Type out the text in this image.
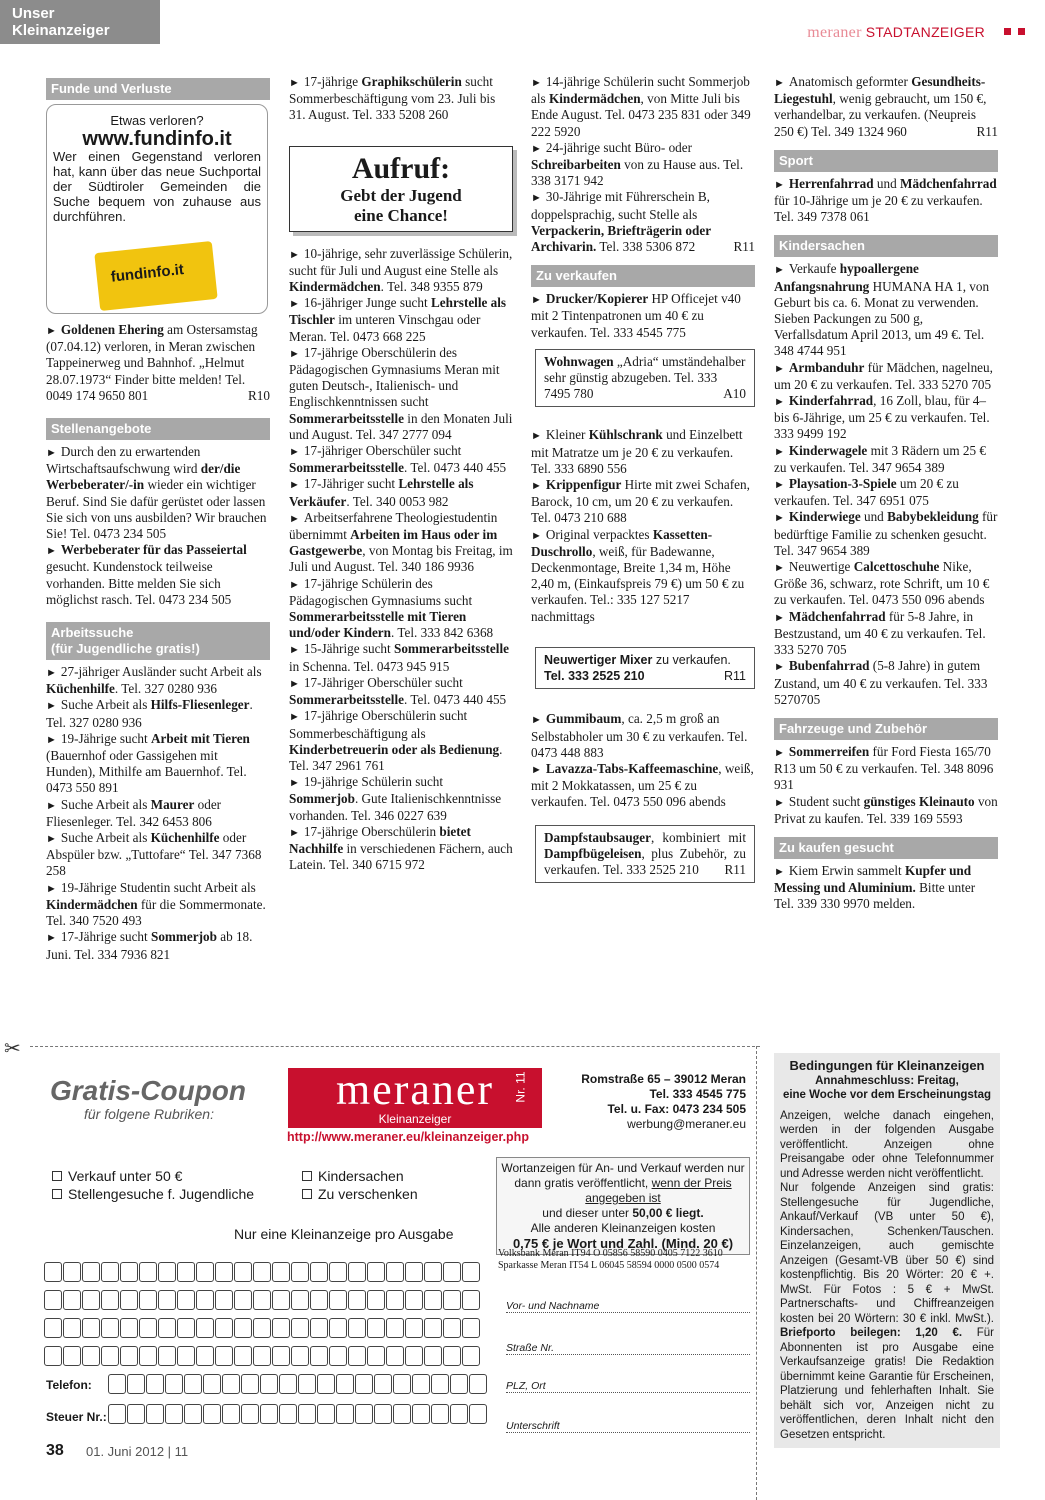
Unser
Kleinanzeiger	meraner STADTANZEIGER
Funde und Verluste
Etwas verloren?
www.fundinfo.it
Wer einen Gegenstand verloren hat, kann über das neue Suchportal der Südtiroler Gemeinden die Suche bequem von zuhause aus durchführen.
fundinfo.it

► Goldenen Ehering am Ostersamstag (07.04.12) verloren, in Meran zwischen Tappeinerweg und Bahnhof. „Helmut 28.07.1973“ Finder bitte melden! Tel. 0049 174 9650 801	R10

Stellenangebote

► Durch den zu erwartenden Wirtschaftsaufschwung wird der/die Werbeberater/-in wieder ein wichtiger Beruf. Sind Sie dafür gerüstet oder lassen Sie sich von uns ausbilden? Wir brauchen Sie! Tel. 0473 234 505

► Werbeberater für das Passeiertal gesucht. Kundenstock teilweise vorhanden. Bitte melden Sie sich möglichst rasch. Tel. 0473 234 505

Arbeitssuche
(für Jugendliche gratis!)

► 27-jähriger Ausländer sucht Arbeit als Küchenhilfe. Tel. 327 0280 936

► Suche Arbeit als Hilfs-Fliesenleger. Tel. 327 0280 936

► 19-Jährige sucht Arbeit mit Tieren (Bauernhof oder Gassigehen mit Hunden), Mithilfe am Bauernhof. Tel. 0473 550 891

► Suche Arbeit als Maurer oder Fliesenleger. Tel. 342 6453 806

► Suche Arbeit als Küchenhilfe oder Abspüler bzw. „Tuttofare“ Tel. 347 7368 258

► 19-Jährige Studentin sucht Arbeit als Kindermädchen für die Sommermonate. Tel. 340 7520 493

► 17-Jährige sucht Sommerjob ab 18. Juni. Tel. 334 7936 821

► 17-jährige Graphikschülerin sucht Sommerbeschäftigung vom 23. Juli bis 31. August. Tel. 333 5208 260

Aufruf:
Gebt der Jugend
eine Chance!

► 10-jährige, sehr zuverlässige Schülerin, sucht für Juli und August eine Stelle als Kindermädchen. Tel. 348 9355 879

► 16-jähriger Junge sucht Lehrstelle als Tischler im unteren Vinschgau oder Meran. Tel. 0473 668 225

► 17-jährige Oberschülerin des Pädagogischen Gymnasiums Meran mit guten Deutsch-, Italienisch- und Englischkenntnissen sucht Sommerarbeitsstelle in den Monaten Juli und August. Tel. 347 2777 094

► 17-jähriger Oberschüler sucht Sommerarbeitsstelle. Tel. 0473 440 455

► 17-Jähriger sucht Lehrstelle als Verkäufer. Tel. 340 0053 982

► Arbeitserfahrene Theologiestudentin übernimmt Arbeiten im Haus oder im Gastgewerbe, von Montag bis Freitag, im Juli und August. Tel. 340 186 9936

► 17-jährige Schülerin des Pädagogischen Gymnasiums sucht Sommerarbeitsstelle mit Tieren und/oder Kindern. Tel. 333 842 6368

► 15-Jährige sucht Sommerarbeitsstelle in Schenna. Tel. 0473 945 915

► 17-Jähriger Oberschüler sucht Sommerarbeitsstelle. Tel. 0473 440 455

► 17-jährige Oberschülerin sucht Sommerbeschäftigung als Kinderbetreuerin oder als Bedienung. Tel. 347 2961 761

► 19-jährige Schülerin sucht Sommerjob. Gute Italienischkenntnisse vorhanden. Tel. 346 0227 639

► 17-jährige Oberschülerin bietet Nachhilfe in verschiedenen Fächern, auch Latein. Tel. 340 6715 972

► 14-jährige Schülerin sucht Sommerjob als Kindermädchen, von Mitte Juli bis Ende August. Tel. 0473 235 831 oder 349 222 5920

► 24-jährige sucht Büro- oder Schreibarbeiten von zu Hause aus. Tel. 338 3171 942

► 30-Jährige mit Führerschein B, doppelsprachig, sucht Stelle als Verpackerin, Briefträgerin oder Archivarin. Tel. 338 5306 872	R11

Zu verkaufen

► Drucker/Kopierer HP Officejet v40 mit 2 Tintenpatronen um 40 € zu verkaufen. Tel. 333 4545 775

Wohnwagen „Adria“ umständehalber sehr günstig abzugeben. Tel. 333 7495 780	A10

► Kleiner Kühlschrank und Einzelbett mit Matratze um je 20 € zu verkaufen. Tel. 333 6890 556

► Krippenfigur Hirte mit zwei Schafen, Barock, 10 cm, um 20 € zu verkaufen. Tel. 0473 210 688

► Original verpacktes Kassetten-Duschrollo, weiß, für Badewanne, Deckenmontage, Breite 1,34 m, Höhe 2,40 m, (Einkaufspreis 79 €) um 50 € zu verkaufen. Tel.: 335 127 5217 nachmittags

Neuwertiger Mixer zu verkaufen.
Tel. 333 2525 210	R11

► Gummibaum, ca. 2,5 m groß an Selbstabholer um 30 € zu verkaufen. Tel. 0473 448 883

► Lavazza-Tabs-Kaffeemaschine, weiß, mit 2 Mokkatassen, um 25 € zu verkaufen. Tel. 0473 550 096 abends

Dampfstaubsauger, kombiniert mit Dampfbügeleisen, plus Zubehör, zu verkaufen. Tel. 333 2525 210 R11

► Anatomisch geformter Gesundheits-Liegestuhl, wenig gebraucht, um 150 €, verhandelbar, zu verkaufen. (Neupreis 250 €) Tel. 349 1324 960	R11

Sport

► Herrenfahrrad und Mädchenfahrrad für 10-Jährige um je 20 € zu verkaufen. Tel. 349 7378 061

Kindersachen

► Verkaufe hypoallergene Anfangsnahrung HUMANA HA 1, von Geburt bis ca. 6. Monat zu verwenden. Sieben Packungen zu 500 g, Verfallsdatum April 2013, um 49 €. Tel. 348 4744 951

► Armbanduhr für Mädchen, nagelneu, um 20 € zu verkaufen. Tel. 333 5270 705

► Kinderfahrrad, 16 Zoll, blau, für 4– bis 6-Jährige, um 25 € zu verkaufen. Tel. 333 9499 192

► Kinderwagele mit 3 Rädern um 25 € zu verkaufen. Tel. 347 9654 389

► Playsation-3-Spiele um 20 € zu verkaufen. Tel. 347 6951 075

► Kinderwiege und Babybekleidung für bedürftige Familie zu schenken gesucht. Tel. 347 9654 389

► Neuwertige Calcettoschuhe Nike, Größe 36, schwarz, rote Schrift, um 10 € zu verkaufen. Tel. 0473 550 096 abends

► Mädchenfahrrad für 5-8 Jahre, in Bestzustand, um 40 € zu verkaufen. Tel. 333 5270 705

► Bubenfahrrad (5-8 Jahre) in gutem Zustand, um 40 € zu verkaufen. Tel. 333 5270705

Fahrzeuge und Zubehör

► Sommerreifen für Ford Fiesta 165/70 R13 um 50 € zu verkaufen. Tel. 348 8096 931

► Student sucht günstiges Kleinauto von Privat zu kaufen. Tel. 339 169 5593

Zu kaufen gesucht

► Kiem Erwin sammelt Kupfer und Messing und Aluminium. Bitte unter Tel. 339 330 9970 melden.

✂
Gratis-Coupon
für folgene Rubriken:	meraner
Kleinanzeiger
Nr. 11
http://www.meraner.eu/kleinanzeiger.php
Romstraße 65 – 39012 Meran
Tel. 333 4545 775
Tel. u. Fax: 0473 234 505
werbung@meraner.eu
Verkauf unter 50 €
Stellengesuche f. Jugendliche
Kindersachen
Zu verschenken
Nur eine Kleinanzeige pro Ausgabe
Telefon:
Steuer Nr.:
Wortanzeigen für An- und Verkauf werden nur dann gratis veröffentlicht, wenn der Preis angegeben ist
und dieser unter 50,00 € liegt.
Alle anderen Kleinanzeigen kosten
0,75 € je Wort und Zahl. (Mind. 20 €)
Volksbank Meran IT94 O 05856 58590 0405 7122 3610
Sparkasse Meran IT54 L 06045 58594 0000 0500 0574
Vor- und Nachname
Straße Nr.
PLZ, Ort
Unterschrift
38 01. Juni 2012 | 11
Bedingungen für Kleinanzeigen
Annahmeschluss: Freitag,
eine Woche vor dem Erscheinungstag

Anzeigen, welche danach eingehen, werden in der folgenden Ausgabe veröffentlicht. Anzeigen ohne Preisangabe oder ohne Telefonnummer und Adresse werden nicht veröffentlicht.

Nur folgende Anzeigen sind gratis: Stellengesuche für Jugendliche, Ankauf/Verkauf (VB unter 50 €), Kindersachen, Schenken/Tauschen. Einzelanzeigen, auch gemischte Anzeigen (Gesamt-VB über 50 €) sind kostenpflichtig. Bis 20 Wörter: 20 € +. MwSt. Für Fotos : 5 € + MwSt. Partnerschafts- und Chiffreanzeigen kosten bei 20 Wörtern: 30 € inkl. MwSt.). Briefporto beilegen: 1,20 €. Für Abonnenten ist pro Ausgabe eine Verkaufsanzeige gratis! Die Redaktion übernimmt keine Garantie für Erscheinen, Platzierung und fehlerhaften Inhalt. Sie behält sich vor, Anzeigen nicht zu veröffentlichen, deren Inhalt nicht den Gesetzen entspricht.
